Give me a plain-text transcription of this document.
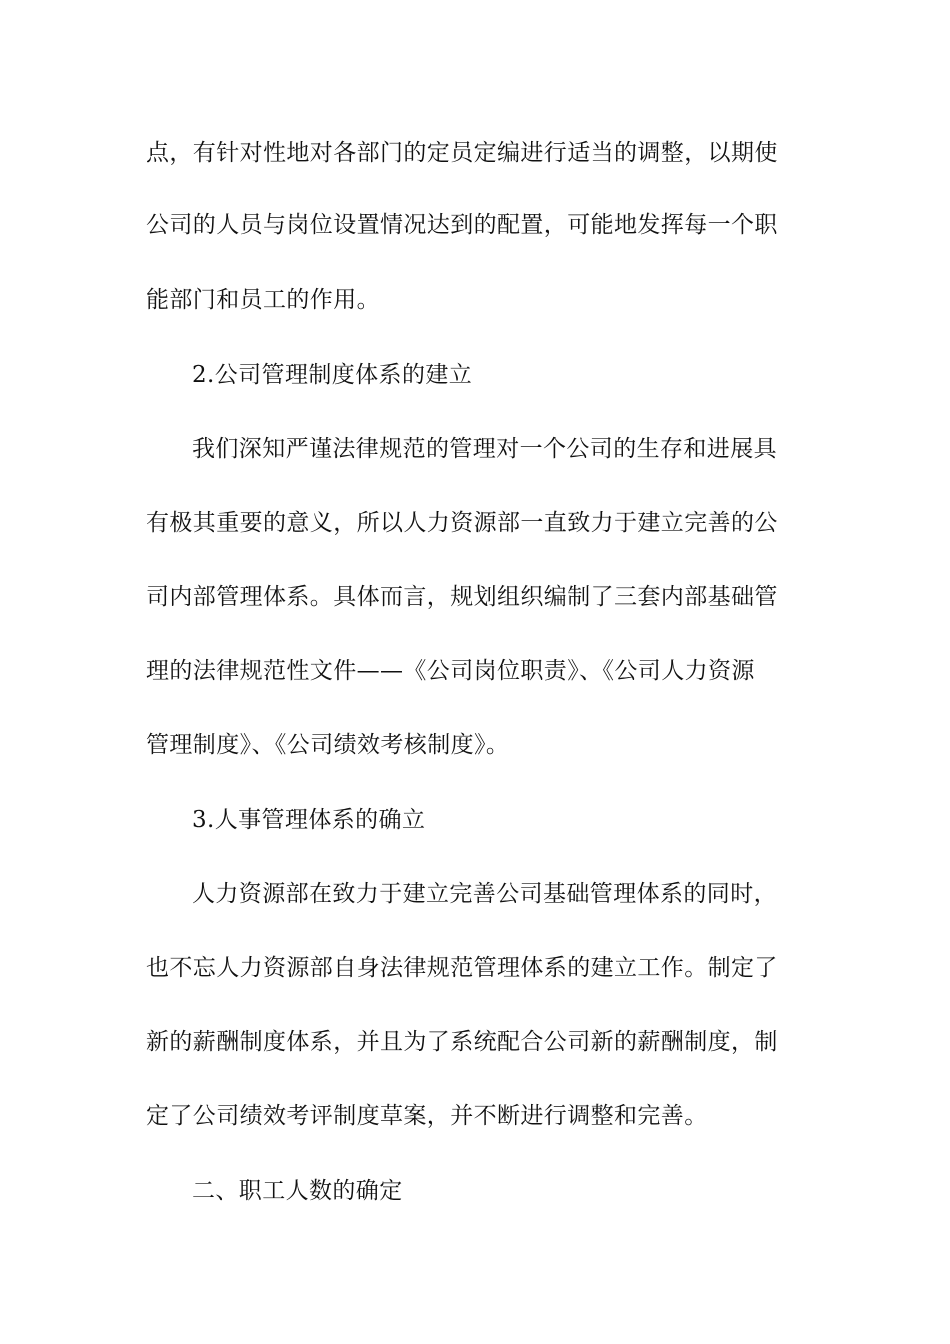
点，有针对性地对各部门的定员定编进行适当的调整，以期使
公司的人员与岗位设置情况达到的配置，可能地发挥每一个职
能部门和员工的作用。
2.公司管理制度体系的建立
我们深知严谨法律规范的管理对一个公司的生存和进展具
有极其重要的意义，所以人力资源部一直致力于建立完善的公
司内部管理体系。具体而言，规划组织编制了三套内部基础管
理的法律规范性文件——《公司岗位职责》、《公司人力资源
管理制度》、《公司绩效考核制度》。
3.人事管理体系的确立
人力资源部在致力于建立完善公司基础管理体系的同时，
也不忘人力资源部自身法律规范管理体系的建立工作。制定了
新的薪酬制度体系，并且为了系统配合公司新的薪酬制度，制
定了公司绩效考评制度草案，并不断进行调整和完善。
二、职工人数的确定
